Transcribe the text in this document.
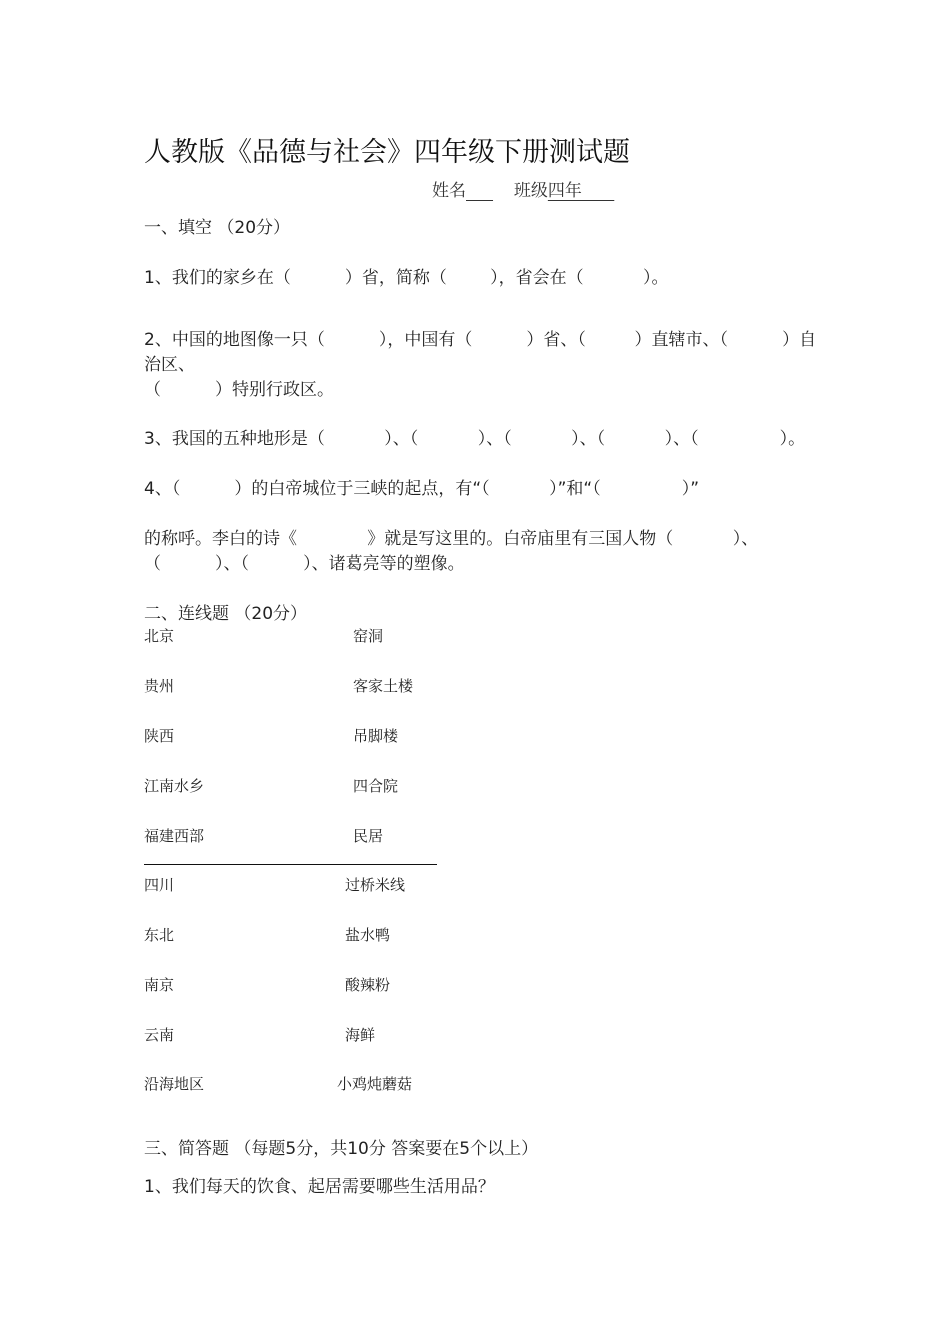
人教版《品德与社会》四年级下册测试题
姓名	班级四年
一、填空 （20分）
1、我们的家乡在（          ）省，简称（        ），省会在（           ）。
2、中国的地图像一只（          ），中国有（          ）省、（         ）直辖市、（          ）自
治区、
（          ）特别行政区。
3、我国的五种地形是（           ）、（           ）、（           ）、（           ）、（               ）。
4、（          ）的白帝城位于三峡的起点，有“（           ）”和“（               ）”
的称呼。李白的诗《             》就是写这里的。白帝庙里有三国人物（           ）、
（          ）、（          ）、诸葛亮等的塑像。
二、连线题 （20分）
北京	窑洞
贵州	客家土楼
陕西	吊脚楼
江南水乡	四合院
福建西部	民居
四川	过桥米线
东北	盐水鸭
南京	酸辣粉
云南	海鲜
沿海地区	小鸡炖蘑菇
三、简答题 （每题5分，共10分 答案要在5个以上）
1、我们每天的饮食、起居需要哪些生活用品？
